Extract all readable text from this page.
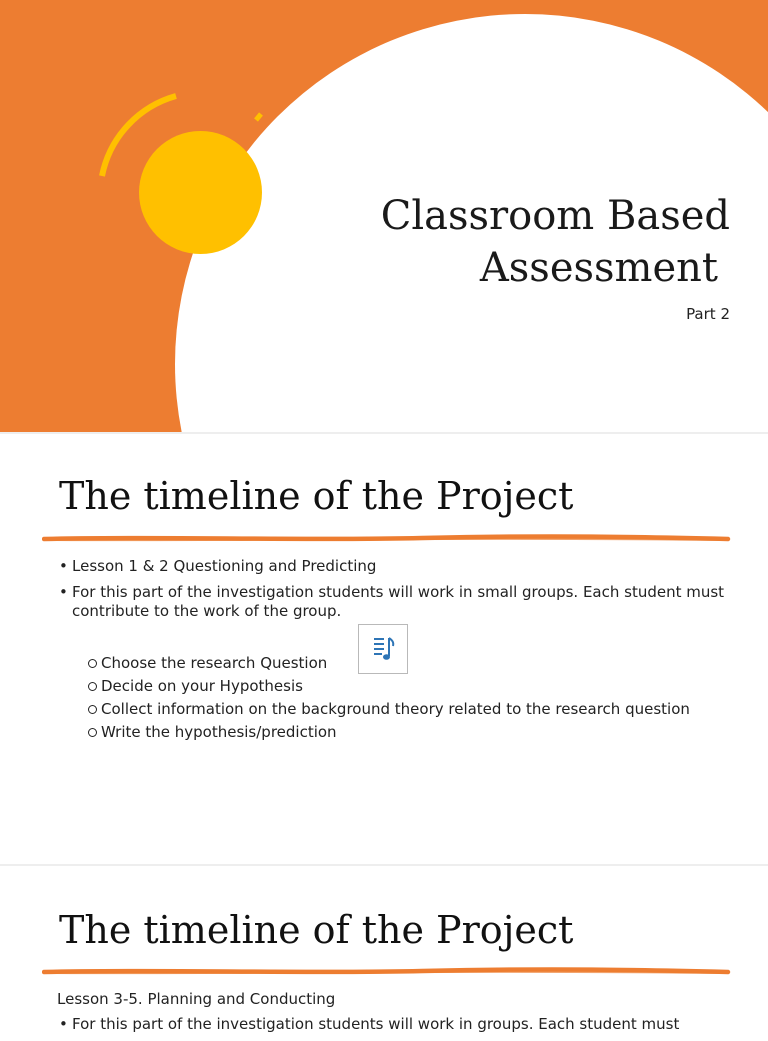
Classroom Based

Assessment
Part 2
The timeline of the Project
• Lesson 1 & 2 Questioning and Predicting
• For this part of the investigation students will work in small groups. Each student must contribute to the work of the group.
Choose the research Question
Decide on your Hypothesis
Collect information on the background theory related to the research question
Write the hypothesis/prediction
The timeline of the Project
Lesson 3-5. Planning and Conducting
• For this part of the investigation students will work in groups. Each student must
